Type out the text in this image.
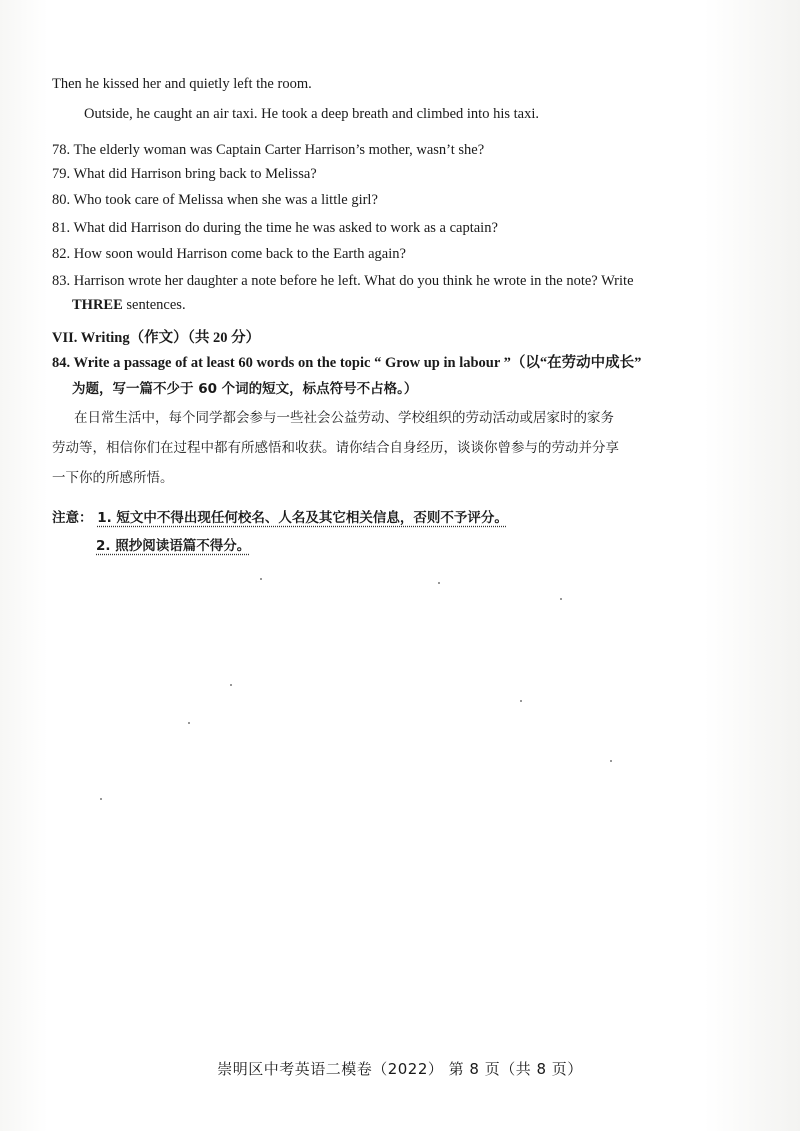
Then he kissed her and quietly left the room.
Outside, he caught an air taxi. He took a deep breath and climbed into his taxi.
78. The elderly woman was Captain Carter Harrison’s mother, wasn’t she?
79. What did Harrison bring back to Melissa?
80. Who took care of Melissa when she was a little girl?
81. What did Harrison do during the time he was asked to work as a captain?
82. How soon would Harrison come back to the Earth again?
83. Harrison wrote her daughter a note before he left. What do you think he wrote in the note? Write
THREE sentences.
VII. Writing（作文）（共 20 分）
84. Write a passage of at least 60 words on the topic “ Grow up in labour ”（以“在劳动中成长”
为题，写一篇不少于 60 个词的短文，标点符号不占格。）
在日常生活中，每个同学都会参与一些社会公益劳动、学校组织的劳动活动或居家时的家务
劳动等，相信你们在过程中都有所感悟和收获。请你结合自身经历，谈谈你曾参与的劳动并分享
一下你的所感所悟。
注意： 1. 短文中不得出现任何校名、人名及其它相关信息，否则不予评分。
2. 照抄阅读语篇不得分。
崇明区中考英语二模卷（2022） 第 8 页（共 8 页）
